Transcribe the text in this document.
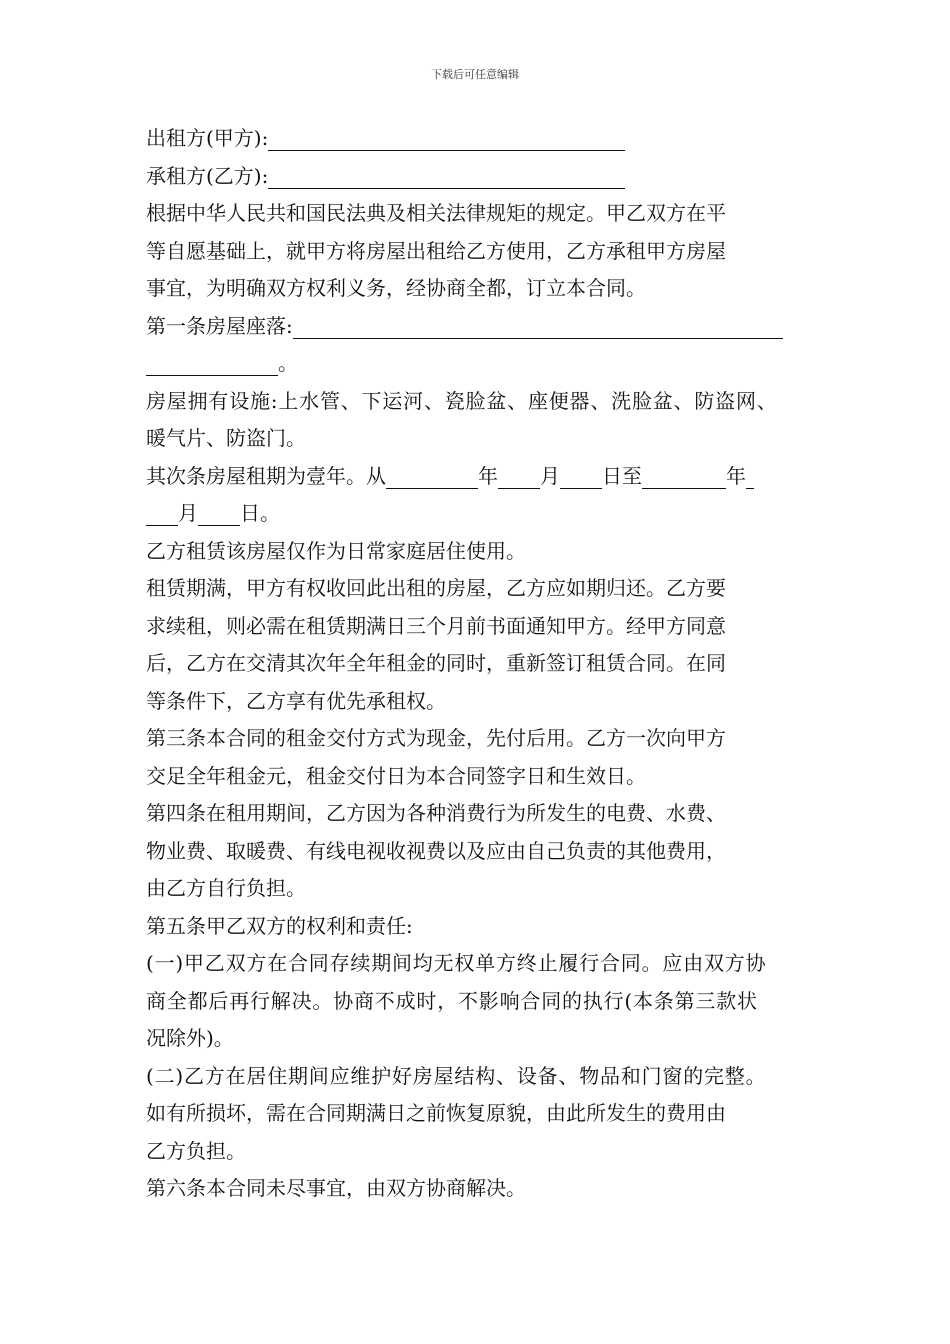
下载后可任意编辑
出租方(甲方):
承租方(乙方):
根据中华人民共和国民法典及相关法律规矩的规定。甲乙双方在平
等自愿基础上，就甲方将房屋出租给乙方使用，乙方承租甲方房屋
事宜，为明确双方权利义务，经协商全都，订立本合同。
第一条房屋座落:
。
房屋拥有设施:上水管、下运河、瓷脸盆、座便器、洗脸盆、防盗网、
暖气片、防盗门。
其次条房屋租期为壹年。从	年 月 日至	年
月 日。
乙方租赁该房屋仅作为日常家庭居住使用。
租赁期满，甲方有权收回此出租的房屋，乙方应如期归还。乙方要
求续租，则必需在租赁期满日三个月前书面通知甲方。经甲方同意
后，乙方在交清其次年全年租金的同时，重新签订租赁合同。在同
等条件下，乙方享有优先承租权。
第三条本合同的租金交付方式为现金，先付后用。乙方一次向甲方
交足全年租金元，租金交付日为本合同签字日和生效日。
第四条在租用期间，乙方因为各种消费行为所发生的电费、水费、
物业费、取暖费、有线电视收视费以及应由自己负责的其他费用，
由乙方自行负担。
第五条甲乙双方的权利和责任:
(一)甲乙双方在合同存续期间均无权单方终止履行合同。应由双方协
商全都后再行解决。协商不成时，不影响合同的执行(本条第三款状
况除外)。
(二)乙方在居住期间应维护好房屋结构、设备、物品和门窗的完整。
如有所损坏，需在合同期满日之前恢复原貌，由此所发生的费用由
乙方负担。
第六条本合同未尽事宜，由双方协商解决。
